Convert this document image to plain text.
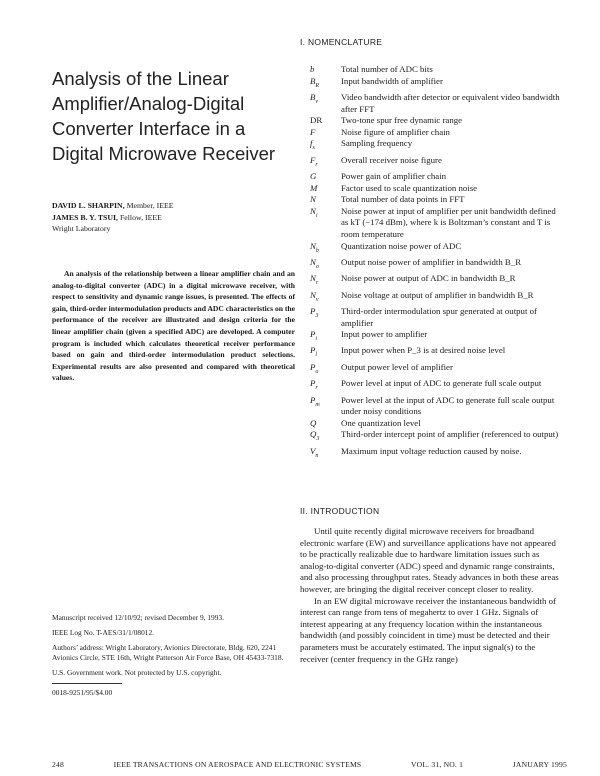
Analysis of the Linear Amplifier/Analog-Digital Converter Interface in a Digital Microwave Receiver
DAVID L. SHARPIN, Member, IEEE
JAMES B. Y. TSUI, Fellow, IEEE
Wright Laboratory
An analysis of the relationship between a linear amplifier chain and an analog-to-digital converter (ADC) in a digital microwave receiver, with respect to sensitivity and dynamic range issues, is presented. The effects of gain, third-order intermodulation products and ADC characteristics on the performance of the receiver are illustrated and design criteria for the linear amplifier chain (given a specified ADC) are developed. A computer program is included which calculates theoretical receiver performance based on gain and third-order intermodulation product selections. Experimental results are also presented and compared with theoretical values.

Manuscript received 12/10/92; revised December 9, 1993.

IEEE Log No. T-AES/31/1/08012.

Authors’ address: Wright Laboratory, Avionics Directorate, Bldg. 620, 2241 Avionics Circle, STE 16th, Wright Patterson Air Force Base, OH 45433-7318.

U.S. Government work. Not protected by U.S. copyright.

0018-9251/95/$4.00

I. NOMENCLATURE
b	Total number of ADC bits
$B_R$	Input bandwidth of amplifier
$B_v$	Video bandwidth after detector or equivalent video bandwidth after FFT
DR	Two-tone spur free dynamic range
F	Noise figure of amplifier chain
$f_s$	Sampling frequency
$F_r$	Overall receiver noise figure
G	Power gain of amplifier chain
M	Factor used to scale quantization noise
N	Total number of data points in FFT
$N_i$	Noise power at input of amplifier per unit bandwidth defined as kT (−174 dBm), where k is Boltzman’s constant and T is room temperature
$N_b$	Quantization noise power of ADC
$N_o$	Output noise power of amplifier in bandwidth B_R
$N_r$	Noise power at output of ADC in bandwidth B_R
$N_v$	Noise voltage at output of amplifier in bandwidth B_R
$P_3$	Third-order intermodulation spur generated at output of amplifier
$P_i$	Input power to amplifier
$P_l$	Input power when P_3 is at desired noise level
$P_o$	Output power level of amplifier
$P_r$	Power level at input of ADC to generate full scale output
$P_m$	Power level at the input of ADC to generate full scale output under noisy conditions
Q	One quantization level
$Q_3$	Third-order intercept point of amplifier (referenced to output)
$V_n$	Maximum input voltage reduction caused by noise.
II. INTRODUCTION

Until quite recently digital microwave receivers for broadband electronic warfare (EW) and surveillance applications have not appeared to be practically realizable due to hardware limitation issues such as analog-to-digital converter (ADC) speed and dynamic range constraints, and also processing throughput rates. Steady advances in both these areas however, are bringing the digital receiver concept closer to reality.

In an EW digital microwave receiver the instantaneous bandwidth of interest can range from tens of megahertz to over 1 GHz. Signals of interest appearing at any frequency location within the instantaneous bandwidth (and possibly coincident in time) must be detected and their parameters must be accurately estimated. The input signal(s) to the receiver (center frequency in the GHz range)

248	IEEE TRANSACTIONS ON AEROSPACE AND ELECTRONIC SYSTEMS	VOL. 31, NO. 1	JANUARY 1995
